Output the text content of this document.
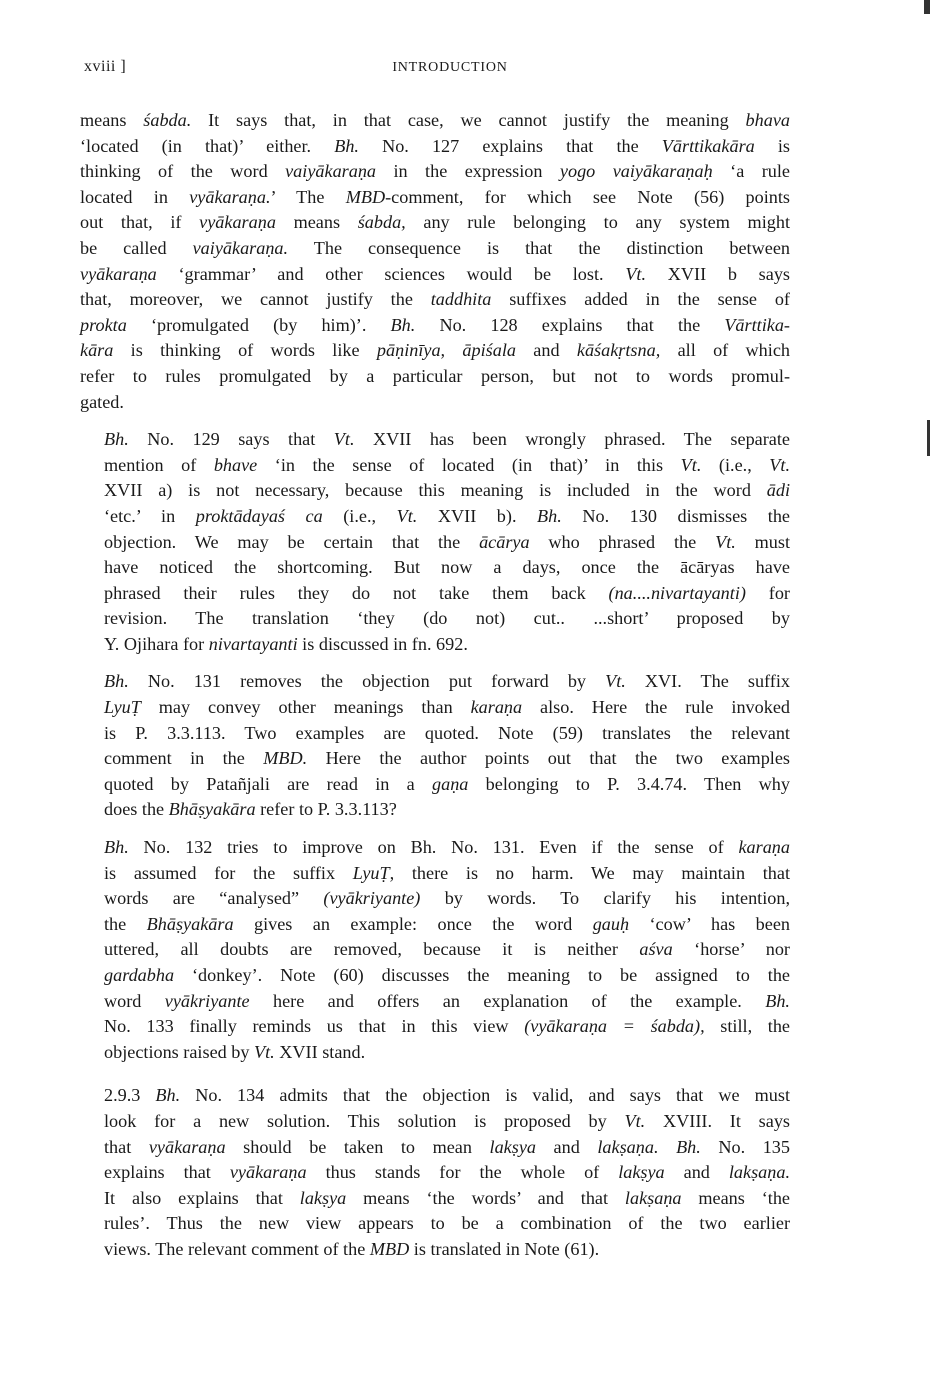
xviii ]	INTRODUCTION

means śabda. It says that, in that case, we cannot justify the meaning bhava
‘located (in that)’ either. Bh. No. 127 explains that the Vārttikakāra is
thinking of the word vaiyākaraṇa in the expression yogo vaiyākaraṇaḥ ‘a rule
located in vyākaraṇa.’ The MBD-comment, for which see Note (56) points
out that, if vyākaraṇa means śabda, any rule belonging to any system might
be called vaiyākaraṇa. The consequence is that the distinction between
vyākaraṇa ‘grammar’ and other sciences would be lost. Vt. XVII b says
that, moreover, we cannot justify the taddhita suffixes added in the sense of
prokta ‘promulgated (by him)’. Bh. No. 128 explains that the Vārttika-
kāra is thinking of words like pāṇinīya, āpiśala and kāśakṛtsna, all of which
refer to rules promulgated by a particular person, but not to words promul-
gated.

Bh. No. 129 says that Vt. XVII has been wrongly phrased. The separate
mention of bhave ‘in the sense of located (in that)’ in this Vt. (i.e., Vt.
XVII a) is not necessary, because this meaning is included in the word ādi
‘etc.’ in proktādayaś ca (i.e., Vt. XVII b). Bh. No. 130 dismisses the
objection. We may be certain that the ācārya who phrased the Vt. must
have noticed the shortcoming. But now a days, once the ācāryas have
phrased their rules they do not take them back (na....nivartayanti) for
revision. The translation ‘they (do not) cut.. ...short’ proposed by
Y. Ojihara for nivartayanti is discussed in fn. 692.

Bh. No. 131 removes the objection put forward by Vt. XVI. The suffix
LyuṬ may convey other meanings than karaṇa also. Here the rule invoked
is P. 3.3.113. Two examples are quoted. Note (59) translates the relevant
comment in the MBD. Here the author points out that the two examples
quoted by Patañjali are read in a gaṇa belonging to P. 3.4.74. Then why
does the Bhāṣyakāra refer to P. 3.3.113?

Bh. No. 132 tries to improve on Bh. No. 131. Even if the sense of karaṇa
is assumed for the suffix LyuṬ, there is no harm. We may maintain that
words are “analysed” (vyākriyante) by words. To clarify his intention,
the Bhāṣyakāra gives an example: once the word gauḥ ‘cow’ has been
uttered, all doubts are removed, because it is neither aśva ‘horse’ nor
gardabha ‘donkey’. Note (60) discusses the meaning to be assigned to the
word vyākriyante here and offers an explanation of the example. Bh.
No. 133 finally reminds us that in this view (vyākaraṇa = śabda), still, the
objections raised by Vt. XVII stand.

2.9.3 Bh. No. 134 admits that the objection is valid, and says that we must
look for a new solution. This solution is proposed by Vt. XVIII. It says
that vyākaraṇa should be taken to mean lakṣya and lakṣaṇa. Bh. No. 135
explains that vyākaraṇa thus stands for the whole of lakṣya and lakṣaṇa.
It also explains that lakṣya means ‘the words’ and that lakṣaṇa means ‘the
rules’. Thus the new view appears to be a combination of the two earlier
views. The relevant comment of the MBD is translated in Note (61).
